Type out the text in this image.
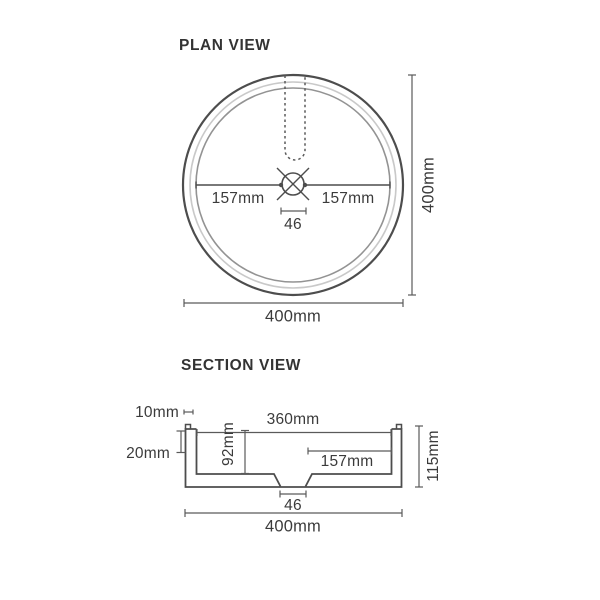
PLAN VIEW
157mm	157mm
46
400mm
400mm
SECTION VIEW
10mm
20mm
360mm
92mm	157mm
46
400mm
115mm
